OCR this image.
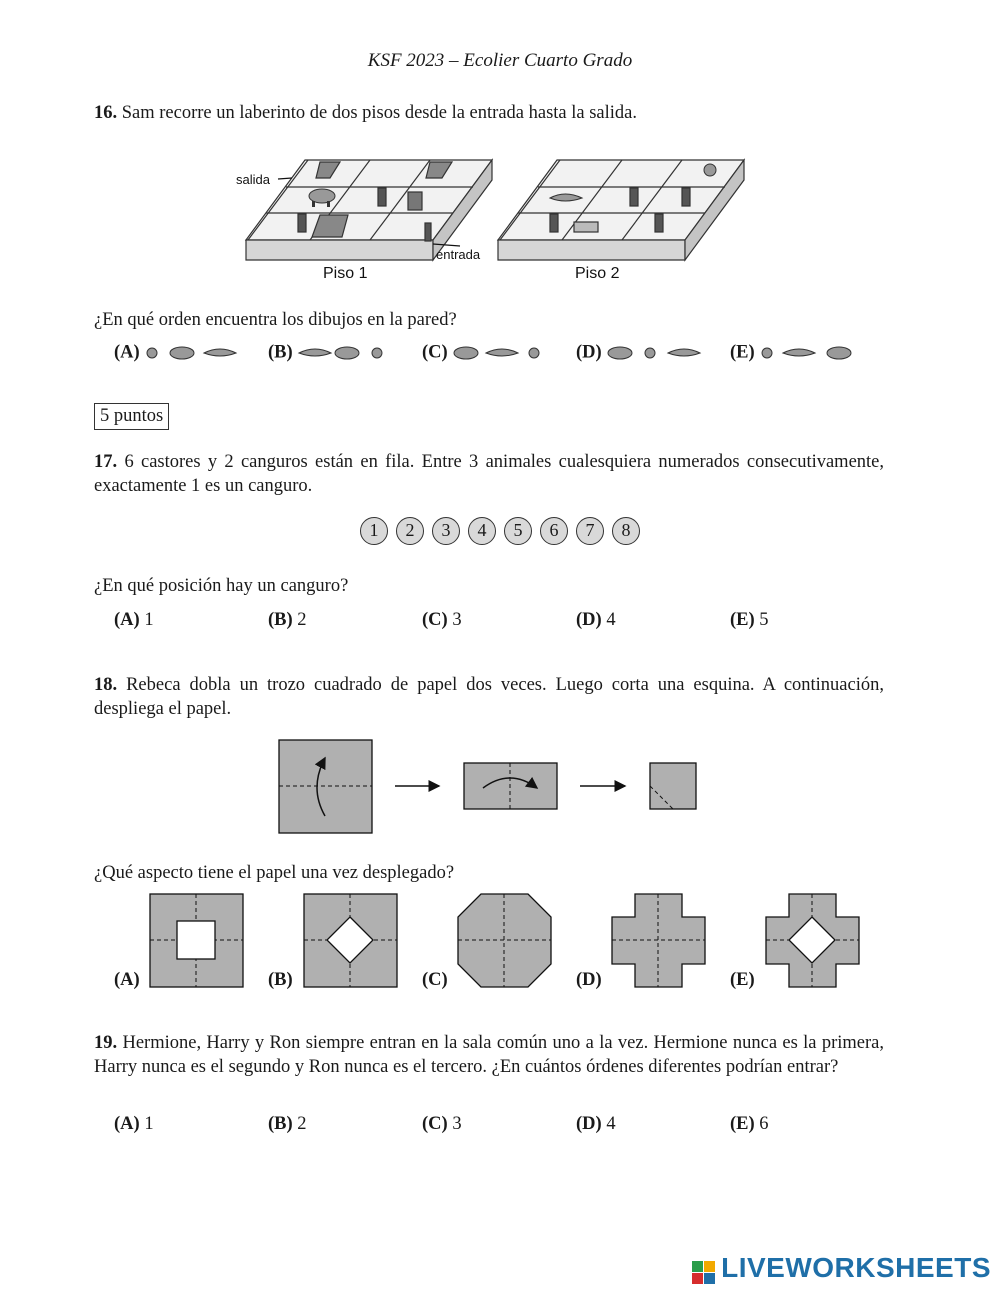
KSF 2023 – Ecolier Cuarto Grado
16. Sam recorre un laberinto de dos pisos desde la entrada hasta la salida.
salida
entrada
Piso 1	Piso 2
¿En qué orden encuentra los dibujos en la pared?
(A)	(B)	(C)	(D)	(E)
5 puntos
17. 6 castores y 2 canguros están en fila. Entre 3 animales cualesquiera numerados consecutivamente, exactamente 1 es un canguro.
1 2 3 4 5 6 7 8
¿En qué posición hay un canguro?
(A) 1	(B) 2	(C) 3	(D) 4	(E) 5
18. Rebeca dobla un trozo cuadrado de papel dos veces. Luego corta una esquina. A continuación, despliega el papel.
¿Qué aspecto tiene el papel una vez desplegado?
(A)	(B)	(C)	(D)	(E)
19. Hermione, Harry y Ron siempre entran en la sala común uno a la vez. Hermione nunca es la primera, Harry nunca es el segundo y Ron nunca es el tercero. ¿En cuántos órdenes diferentes podrían entrar?
(A) 1	(B) 2	(C) 3	(D) 4	(E) 6
LIVEWORKSHEETS
